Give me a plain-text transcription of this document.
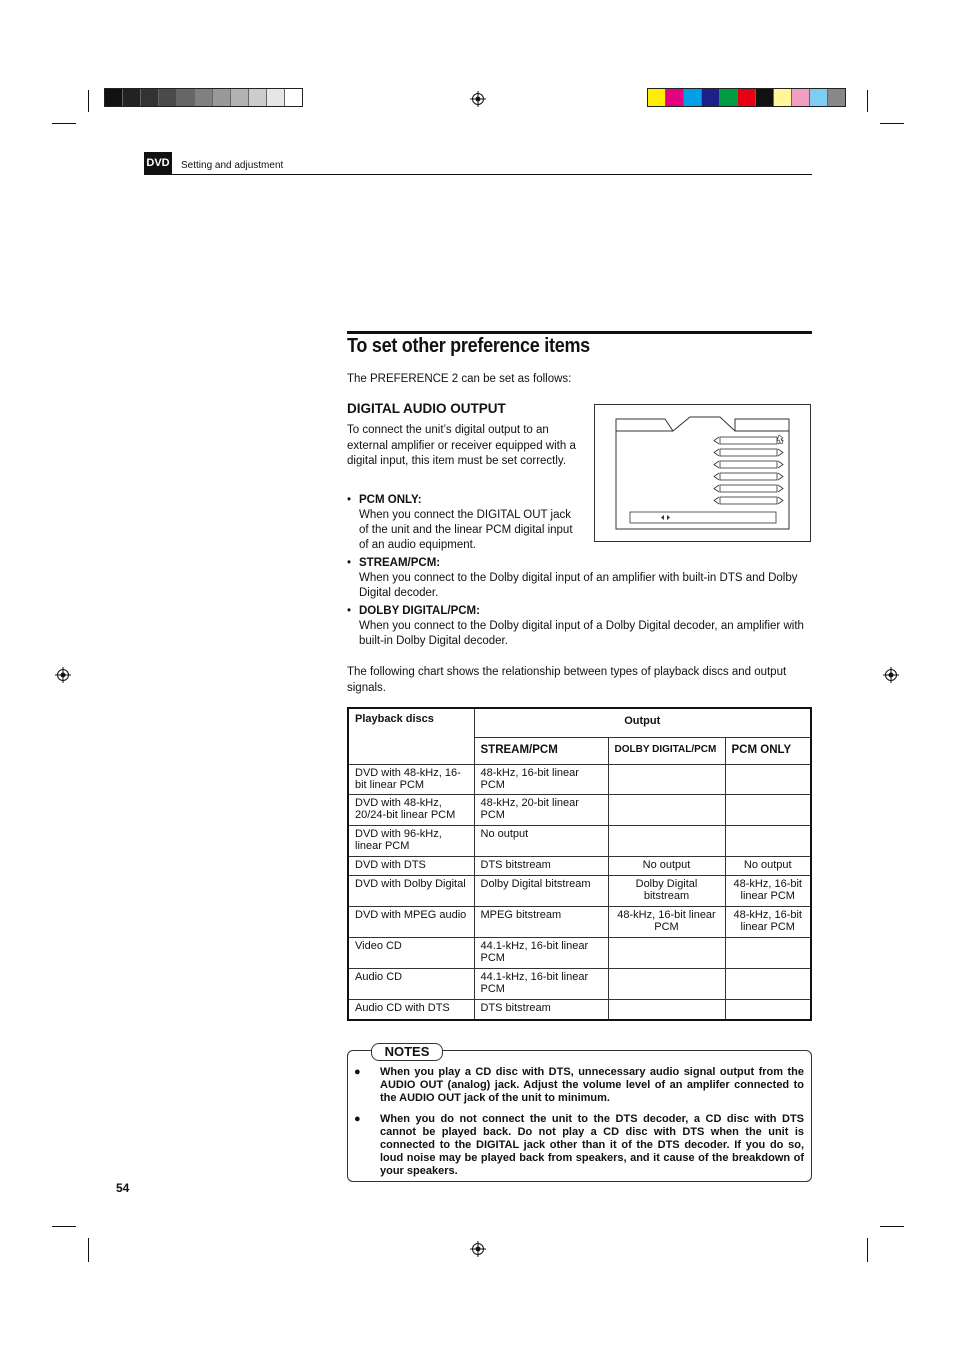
DVD Setting and adjustment
To set other preference items
The PREFERENCE 2 can be set as follows:
DIGITAL AUDIO OUTPUT
To connect the unit’s digital output to an external amplifier or receiver equipped with a digital input, this item must be set correctly.
• PCM ONLY:
When you connect the DIGITAL OUT jack of the unit and the linear PCM digital input of an audio equipment.
• STREAM/PCM:
When you connect to the Dolby digital input of an amplifier with built-in DTS and Dolby Digital decoder.
• DOLBY DIGITAL/PCM:
When you connect to the Dolby digital input of a Dolby Digital decoder, an amplifier with built-in Dolby Digital decoder.
The following chart shows the relationship between types of playback discs and output signals.
Playback discs	Output		
	STREAM/PCM	DOLBY DIGITAL/PCM	PCM ONLY
DVD with 48-kHz, 16-bit linear PCM	48-kHz, 16-bit linear PCM		
DVD with 48-kHz, 20/24-bit linear PCM	48-kHz, 20-bit linear PCM		
DVD with 96-kHz, linear PCM	No output		
DVD with DTS	DTS bitstream	No output	No output
DVD with Dolby Digital	Dolby Digital bitstream	Dolby Digital bitstream	48-kHz, 16-bit linear PCM
DVD with MPEG audio	MPEG bitstream	48-kHz, 16-bit linear PCM	48-kHz, 16-bit linear PCM
Video CD	44.1-kHz, 16-bit linear PCM		
Audio CD	44.1-kHz, 16-bit linear PCM		
Audio CD with DTS	DTS bitstream		
NOTES
● When you play a CD disc with DTS, unnecessary audio signal output from the AUDIO OUT (analog) jack. Adjust the volume level of an amplifer connected to the AUDIO OUT jack of the unit to minimum.
● When you do not connect the unit to the DTS decoder, a CD disc with DTS cannot be played back. Do not play a CD disc with DTS when the unit is connected to the DIGITAL jack other than it of the DTS decoder. If you do so, loud noise may be played back from speakers, and it cause of the breakdown of your speakers.
54
